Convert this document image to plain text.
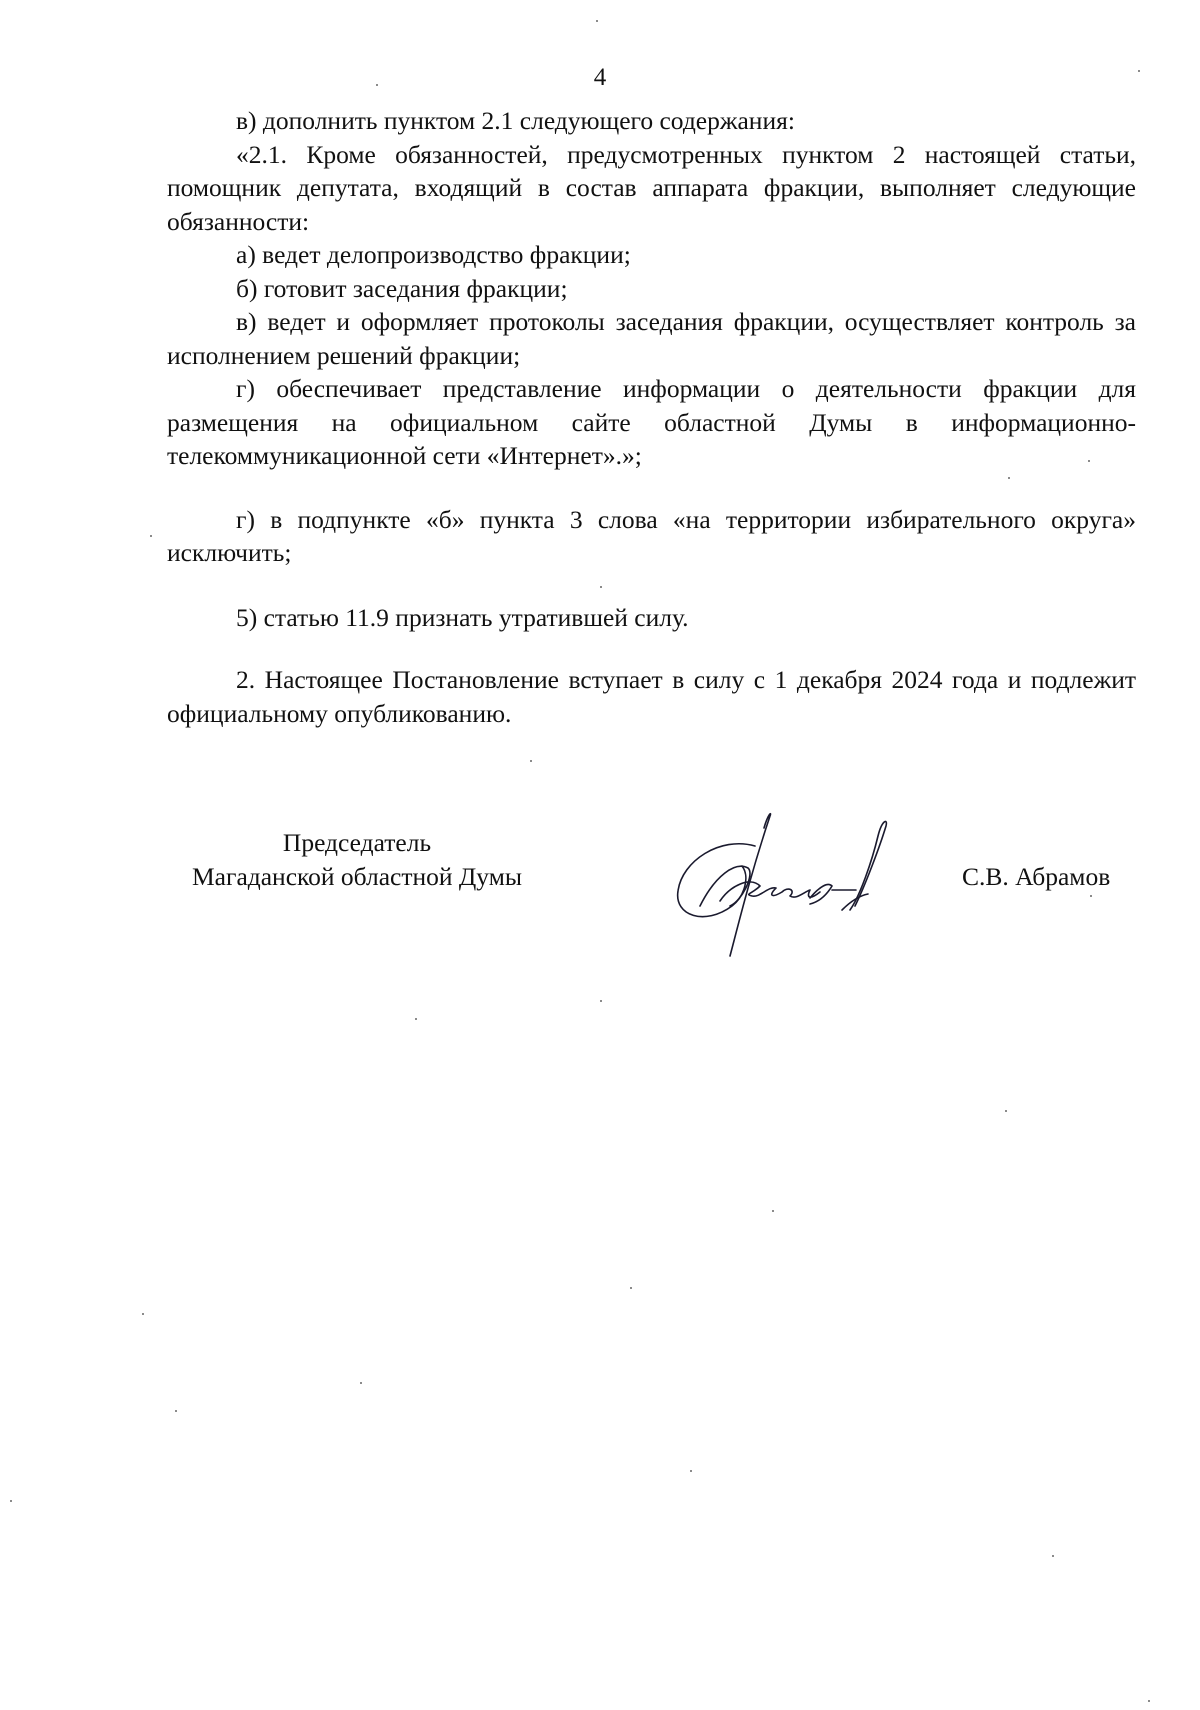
4

в) дополнить пунктом 2.1 следующего содержания:

«2.1. Кроме обязанностей, предусмотренных пунктом 2 настоящей статьи, помощник депутата, входящий в состав аппарата фракции, выполняет следующие обязанности:

а) ведет делопроизводство фракции;

б) готовит заседания фракции;

в) ведет и оформляет протоколы заседания фракции, осуществляет контроль за исполнением решений фракции;

г) обеспечивает представление информации о деятельности фракции для размещения на официальном сайте областной Думы в информационно-телекоммуникационной сети «Интернет».»;

г) в подпункте «б» пункта 3 слова «на территории избирательного округа» исключить;

5) статью 11.9 признать утратившей силу.

2. Настоящее Постановление вступает в силу с 1 декабря 2024 года и подлежит официальному опубликованию.

Председатель
Магаданской областной Думы	С.В. Абрамов
